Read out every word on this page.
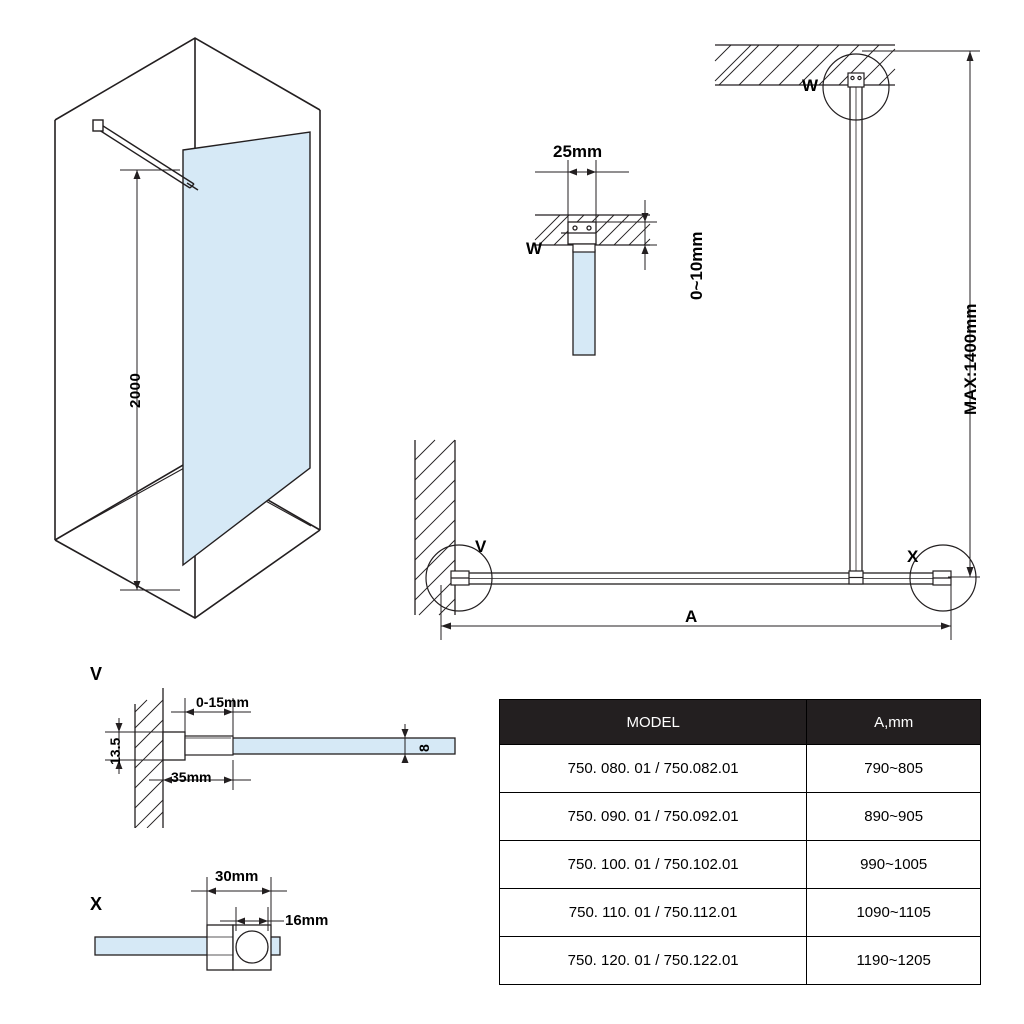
2000
25mm
0~10mm
W
W
V
X
MAX:1400mm
A
V
13.5
0-15mm
35mm
8
X
30mm
16mm
MODEL	A,mm
750. 080. 01 / 750.082.01	790~805
750. 090. 01 / 750.092.01	890~905
750. 100. 01 / 750.102.01	990~1005
750. 110. 01 / 750.112.01	1090~1105
750. 120. 01 / 750.122.01	1190~1205
